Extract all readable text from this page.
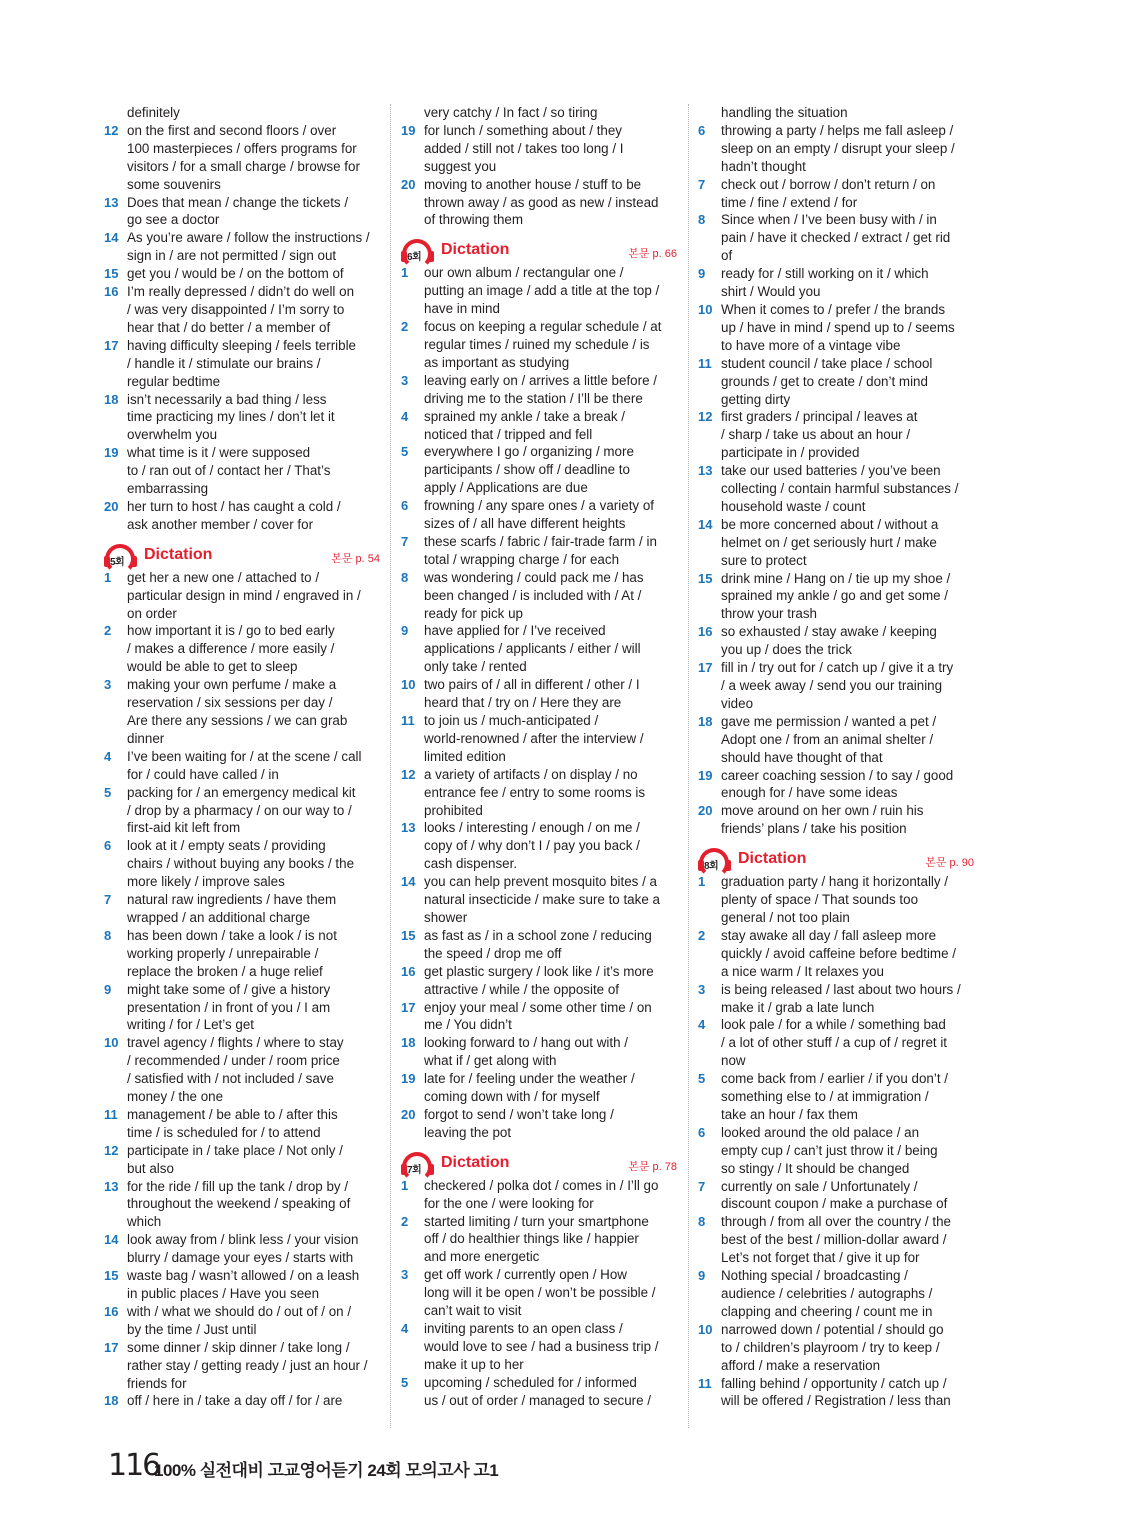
definitely
12 on the first and second floors / over
100 masterpieces / offers programs for
visitors / for a small charge / browse for
some souvenirs
13 Does that mean / change the tickets /
go see a doctor
14 As you’re aware / follow the instructions /
sign in / are not permitted / sign out
15 get you / would be / on the bottom of
16 I’m really depressed / didn’t do well on
/ was very disappointed / I’m sorry to
hear that / do better / a member of
17 having difficulty sleeping / feels terrible
/ handle it / stimulate our brains /
regular bedtime
18 isn’t necessarily a bad thing / less
time practicing my lines / don’t let it
overwhelm you
19 what time is it / were supposed
to / ran out of / contact her / That’s
embarrassing
20 her turn to host / has caught a cold /
ask another member / cover for
5회 Dictation	본문 p. 54
1 get her a new one / attached to /
particular design in mind / engraved in /
on order
2 how important it is / go to bed early
/ makes a difference / more easily /
would be able to get to sleep
3 making your own perfume / make a
reservation / six sessions per day /
Are there any sessions / we can grab
dinner
4 I’ve been waiting for / at the scene / call
for / could have called / in
5 packing for / an emergency medical kit
/ drop by a pharmacy / on our way to /
first-aid kit left from
6 look at it / empty seats / providing
chairs / without buying any books / the
more likely / improve sales
7 natural raw ingredients / have them
wrapped / an additional charge
8 has been down / take a look / is not
working properly / unrepairable /
replace the broken / a huge relief
9 might take some of / give a history
presentation / in front of you / I am
writing / for / Let’s get
10 travel agency / flights / where to stay
/ recommended / under / room price
/ satisfied with / not included / save
money / the one
11 management / be able to / after this
time / is scheduled for / to attend
12 participate in / take place / Not only /
but also
13 for the ride / fill up the tank / drop by /
throughout the weekend / speaking of
which
14 look away from / blink less / your vision
blurry / damage your eyes / starts with
15 waste bag / wasn’t allowed / on a leash
in public places / Have you seen
16 with / what we should do / out of / on /
by the time / Just until
17 some dinner / skip dinner / take long /
rather stay / getting ready / just an hour /
friends for
18 off / here in / take a day off / for / are
very catchy / In fact / so tiring
19 for lunch / something about / they
added / still not / takes too long / I
suggest you
20 moving to another house / stuff to be
thrown away / as good as new / instead
of throwing them
6회 Dictation	본문 p. 66
1 our own album / rectangular one /
putting an image / add a title at the top /
have in mind
2 focus on keeping a regular schedule / at
regular times / ruined my schedule / is
as important as studying
3 leaving early on / arrives a little before /
driving me to the station / I’ll be there
4 sprained my ankle / take a break /
noticed that / tripped and fell
5 everywhere I go / organizing / more
participants / show off / deadline to
apply / Applications are due
6 frowning / any spare ones / a variety of
sizes of / all have different heights
7 these scarfs / fabric / fair-trade farm / in
total / wrapping charge / for each
8 was wondering / could pack me / has
been changed / is included with / At /
ready for pick up
9 have applied for / I’ve received
applications / applicants / either / will
only take / rented
10 two pairs of / all in different / other / I
heard that / try on / Here they are
11 to join us / much-anticipated /
world-renowned / after the interview /
limited edition
12 a variety of artifacts / on display / no
entrance fee / entry to some rooms is
prohibited
13 looks / interesting / enough / on me /
copy of / why don’t I / pay you back /
cash dispenser.
14 you can help prevent mosquito bites / a
natural insecticide / make sure to take a
shower
15 as fast as / in a school zone / reducing
the speed / drop me off
16 get plastic surgery / look like / it’s more
attractive / while / the opposite of
17 enjoy your meal / some other time / on
me / You didn’t
18 looking forward to / hang out with /
what if / get along with
19 late for / feeling under the weather /
coming down with / for myself
20 forgot to send / won’t take long /
leaving the pot
7회 Dictation	본문 p. 78
1 checkered / polka dot / comes in / I’ll go
for the one / were looking for
2 started limiting / turn your smartphone
off / do healthier things like / happier
and more energetic
3 get off work / currently open / How
long will it be open / won’t be possible /
can’t wait to visit
4 inviting parents to an open class /
would love to see / had a business trip /
make it up to her
5 upcoming / scheduled for / informed
us / out of order / managed to secure /
handling the situation
6 throwing a party / helps me fall asleep /
sleep on an empty / disrupt your sleep /
hadn’t thought
7 check out / borrow / don’t return / on
time / fine / extend / for
8 Since when / I’ve been busy with / in
pain / have it checked / extract / get rid
of
9 ready for / still working on it / which
shirt / Would you
10 When it comes to / prefer / the brands
up / have in mind / spend up to / seems
to have more of a vintage vibe
11 student council / take place / school
grounds / get to create / don’t mind
getting dirty
12 first graders / principal / leaves at
/ sharp / take us about an hour /
participate in / provided
13 take our used batteries / you’ve been
collecting / contain harmful substances /
household waste / count
14 be more concerned about / without a
helmet on / get seriously hurt / make
sure to protect
15 drink mine / Hang on / tie up my shoe /
sprained my ankle / go and get some /
throw your trash
16 so exhausted / stay awake / keeping
you up / does the trick
17 fill in / try out for / catch up / give it a try
/ a week away / send you our training
video
18 gave me permission / wanted a pet /
Adopt one / from an animal shelter /
should have thought of that
19 career coaching session / to say / good
enough for / have some ideas
20 move around on her own / ruin his
friends’ plans / take his position
8회 Dictation	본문 p. 90
1 graduation party / hang it horizontally /
plenty of space / That sounds too
general / not too plain
2 stay awake all day / fall asleep more
quickly / avoid caffeine before bedtime /
a nice warm / It relaxes you
3 is being released / last about two hours /
make it / grab a late lunch
4 look pale / for a while / something bad
/ a lot of other stuff / a cup of / regret it
now
5 come back from / earlier / if you don’t /
something else to / at immigration /
take an hour / fax them
6 looked around the old palace / an
empty cup / can’t just throw it / being
so stingy / It should be changed
7 currently on sale / Unfortunately /
discount coupon / make a purchase of
8 through / from all over the country / the
best of the best / million-dollar award /
Let’s not forget that / give it up for
9 Nothing special / broadcasting /
audience / celebrities / autographs /
clapping and cheering / count me in
10 narrowed down / potential / should go
to / children’s playroom / try to keep /
afford / make a reservation
11 falling behind / opportunity / catch up /
will be offered / Registration / less than
116
100% 실전대비 고교영어듣기 24회 모의고사 고1
